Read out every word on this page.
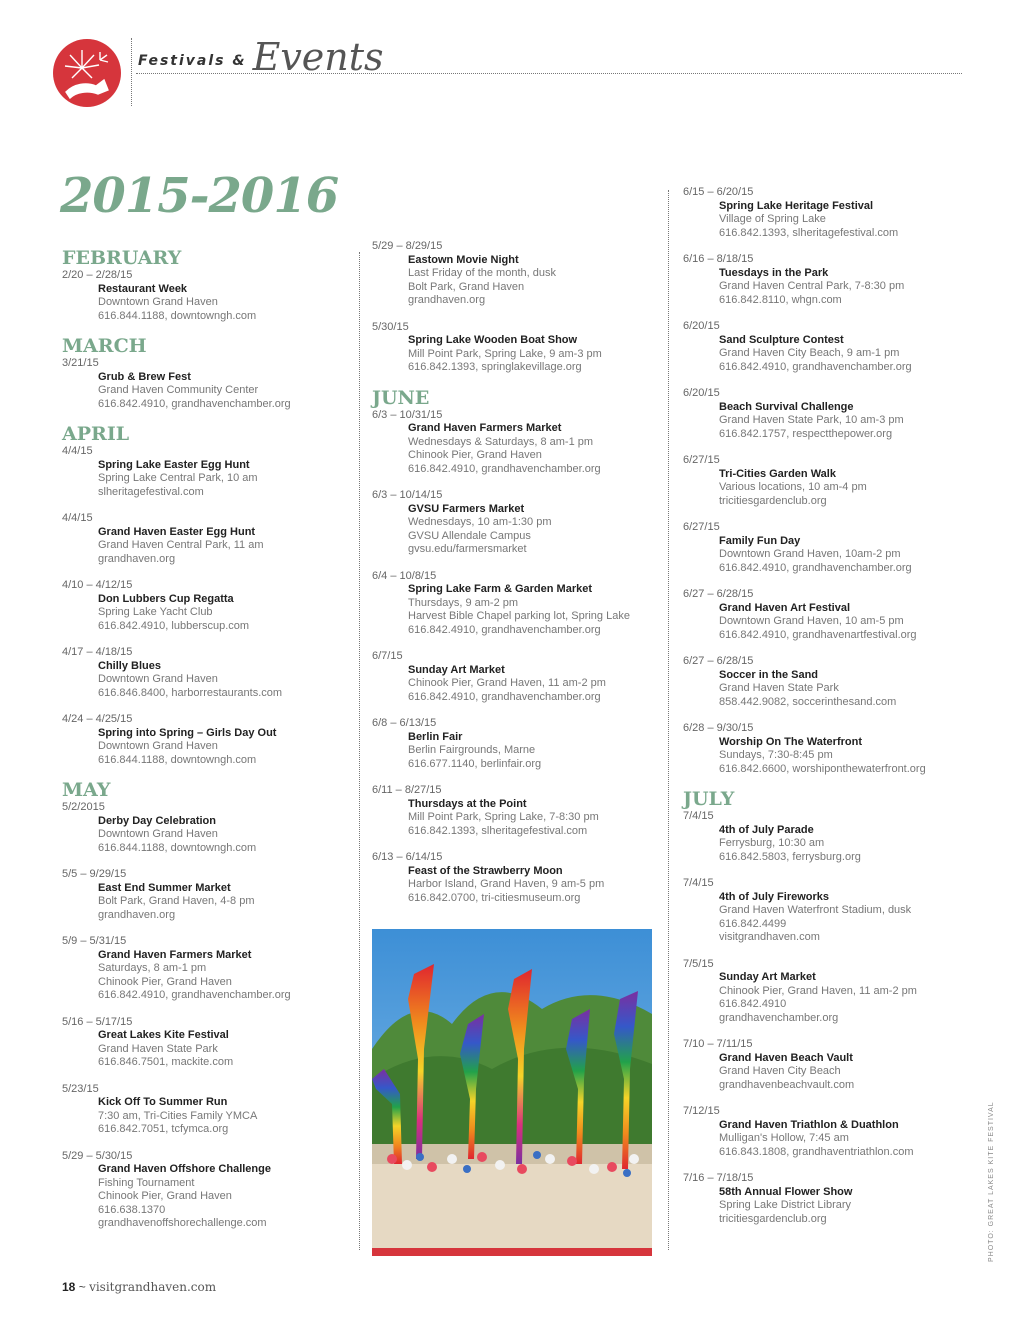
Festivals & Events
2015-2016
FEBRUARY
2/20 – 2/28/15
Restaurant Week
Downtown Grand Haven
616.844.1188, downtowngh.com
MARCH
3/21/15
Grub & Brew Fest
Grand Haven Community Center
616.842.4910, grandhavenchamber.org
APRIL
4/4/15
Spring Lake Easter Egg Hunt
Spring Lake Central Park, 10 am
slheritagefestival.com
4/4/15
Grand Haven Easter Egg Hunt
Grand Haven Central Park, 11 am
grandhaven.org
4/10 – 4/12/15
Don Lubbers Cup Regatta
Spring Lake Yacht Club
616.842.4910, lubberscup.com
4/17 – 4/18/15
Chilly Blues
Downtown Grand Haven
616.846.8400, harborrestaurants.com
4/24 – 4/25/15
Spring into Spring – Girls Day Out
Downtown Grand Haven
616.844.1188, downtowngh.com
MAY
5/2/2015
Derby Day Celebration
Downtown Grand Haven
616.844.1188, downtowngh.com
5/5 – 9/29/15
East End Summer Market
Bolt Park, Grand Haven, 4-8 pm
grandhaven.org
5/9 – 5/31/15
Grand Haven Farmers Market
Saturdays, 8 am-1 pm
Chinook Pier, Grand Haven
616.842.4910, grandhavenchamber.org
5/16 – 5/17/15
Great Lakes Kite Festival
Grand Haven State Park
616.846.7501, mackite.com
5/23/15
Kick Off To Summer Run
7:30 am, Tri-Cities Family YMCA
616.842.7051, tcfymca.org
5/29 – 5/30/15
Grand Haven Offshore Challenge
Fishing Tournament
Chinook Pier, Grand Haven
616.638.1370
grandhavenoffshorechallenge.com
5/29 – 8/29/15
Eastown Movie Night
Last Friday of the month, dusk
Bolt Park, Grand Haven
grandhaven.org
5/30/15
Spring Lake Wooden Boat Show
Mill Point Park, Spring Lake, 9 am-3 pm
616.842.1393, springlakevillage.org
JUNE
6/3 – 10/31/15
Grand Haven Farmers Market
Wednesdays & Saturdays, 8 am-1 pm
Chinook Pier, Grand Haven
616.842.4910, grandhavenchamber.org
6/3 – 10/14/15
GVSU Farmers Market
Wednesdays, 10 am-1:30 pm
GVSU Allendale Campus
gvsu.edu/farmersmarket
6/4 – 10/8/15
Spring Lake Farm & Garden Market
Thursdays, 9 am-2 pm
Harvest Bible Chapel parking lot, Spring Lake
616.842.4910, grandhavenchamber.org
6/7/15
Sunday Art Market
Chinook Pier, Grand Haven, 11 am-2 pm
616.842.4910, grandhavenchamber.org
6/8 – 6/13/15
Berlin Fair
Berlin Fairgrounds, Marne
616.677.1140, berlinfair.org
6/11 – 8/27/15
Thursdays at the Point
Mill Point Park, Spring Lake, 7-8:30 pm
616.842.1393, slheritagefestival.com
6/13 – 6/14/15
Feast of the Strawberry Moon
Harbor Island, Grand Haven, 9 am-5 pm
616.842.0700, tri-citiesmuseum.org
6/15 – 6/20/15
Spring Lake Heritage Festival
Village of Spring Lake
616.842.1393, slheritagefestival.com
6/16 – 8/18/15
Tuesdays in the Park
Grand Haven Central Park, 7-8:30 pm
616.842.8110, whgn.com
6/20/15
Sand Sculpture Contest
Grand Haven City Beach, 9 am-1 pm
616.842.4910, grandhavenchamber.org
6/20/15
Beach Survival Challenge
Grand Haven State Park, 10 am-3 pm
616.842.1757, respectthepower.org
6/27/15
Tri-Cities Garden Walk
Various locations, 10 am-4 pm
tricitiesgardenclub.org
6/27/15
Family Fun Day
Downtown Grand Haven, 10am-2 pm
616.842.4910, grandhavenchamber.org
6/27 – 6/28/15
Grand Haven Art Festival
Downtown Grand Haven, 10 am-5 pm
616.842.4910, grandhavenartfestival.org
6/27 – 6/28/15
Soccer in the Sand
Grand Haven State Park
858.442.9082, soccerinthesand.com
6/28 – 9/30/15
Worship On The Waterfront
Sundays, 7:30-8:45 pm
616.842.6600, worshiponthewaterfront.org
JULY
7/4/15
4th of July Parade
Ferrysburg, 10:30 am
616.842.5803, ferrysburg.org
7/4/15
4th of July Fireworks
Grand Haven Waterfront Stadium, dusk
616.842.4499
visitgrandhaven.com
7/5/15
Sunday Art Market
Chinook Pier, Grand Haven, 11 am-2 pm
616.842.4910
grandhavenchamber.org
7/10 – 7/11/15
Grand Haven Beach Vault
Grand Haven City Beach
grandhavenbeachvault.com
7/12/15
Grand Haven Triathlon & Duathlon
Mulligan's Hollow, 7:45 am
616.843.1808, grandhaventriathlon.com
7/16 – 7/18/15
58th Annual Flower Show
Spring Lake District Library
tricitiesgardenclub.org	PHOTO: GREAT LAKES KITE FESTIVAL
18 ~ visitgrandhaven.com
